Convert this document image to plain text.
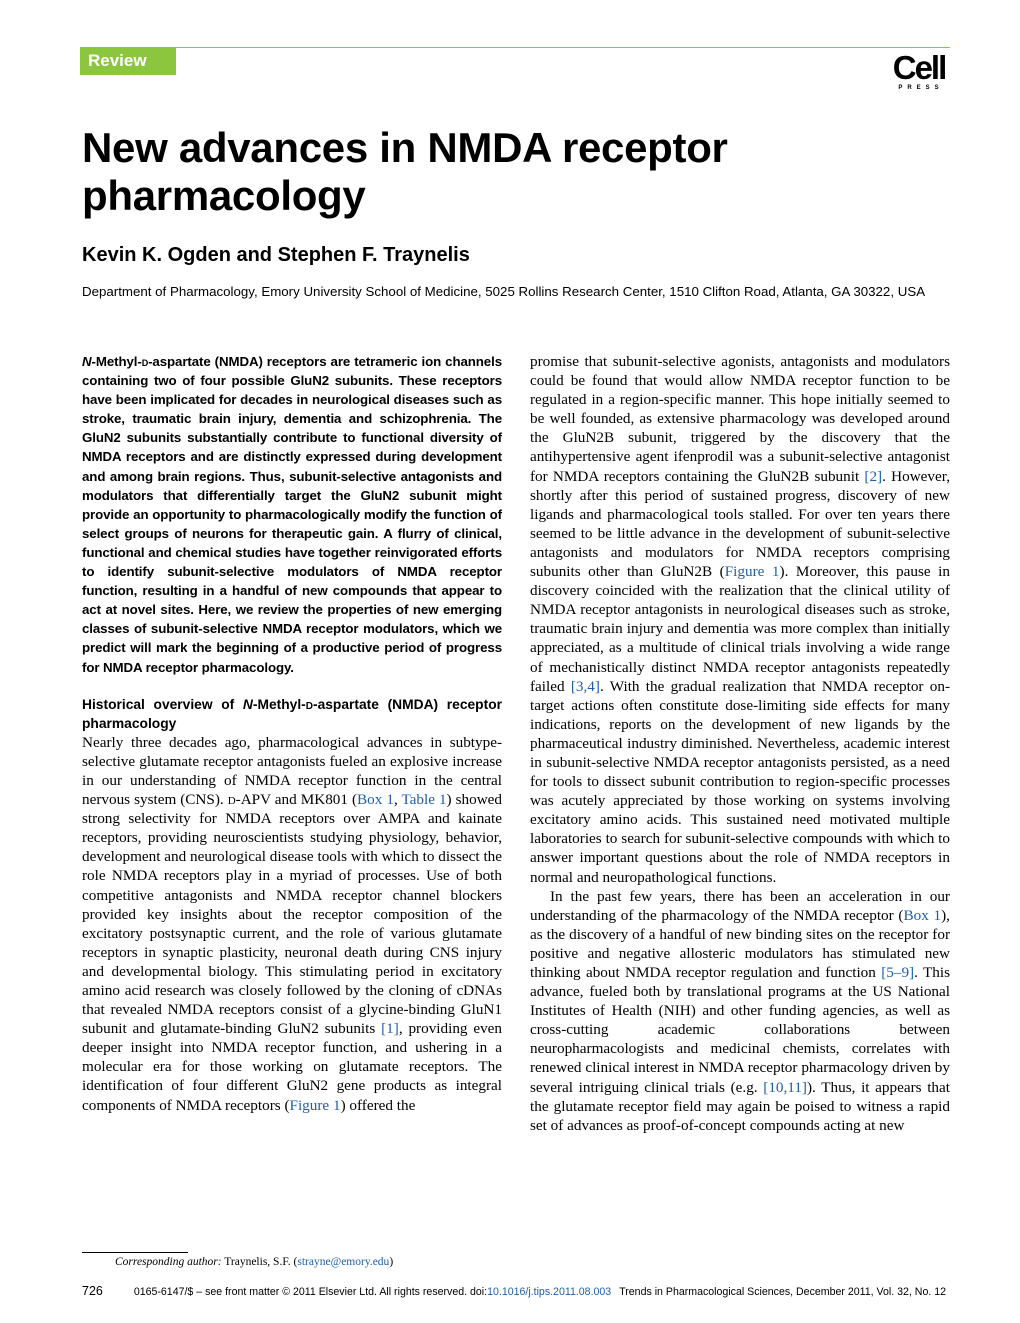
Review	Cell
PRESS
New advances in NMDA receptor pharmacology

Kevin K. Ogden and Stephen F. Traynelis

Department of Pharmacology, Emory University School of Medicine, 5025 Rollins Research Center, 1510 Clifton Road, Atlanta, GA 30322, USA

N-Methyl-d-aspartate (NMDA) receptors are tetrameric ion channels containing two of four possible GluN2 subunits. These receptors have been implicated for decades in neurological diseases such as stroke, traumatic brain injury, dementia and schizophrenia. The GluN2 subunits substantially contribute to functional diversity of NMDA receptors and are distinctly expressed during development and among brain regions. Thus, subunit-selective antagonists and modulators that differentially target the GluN2 subunit might provide an opportunity to pharmacologically modify the function of select groups of neurons for therapeutic gain. A flurry of clinical, functional and chemical studies have together reinvigorated efforts to identify subunit-selective modulators of NMDA receptor function, resulting in a handful of new compounds that appear to act at novel sites. Here, we review the properties of new emerging classes of subunit-selective NMDA receptor modulators, which we predict will mark the beginning of a productive period of progress for NMDA receptor pharmacology.

Historical overview of N-Methyl-d-aspartate (NMDA) receptor pharmacology

Nearly three decades ago, pharmacological advances in subtype-selective glutamate receptor antagonists fueled an explosive increase in our understanding of NMDA receptor function in the central nervous system (CNS). d-APV and MK801 (Box 1, Table 1) showed strong selectivity for NMDA receptors over AMPA and kainate receptors, providing neuroscientists studying physiology, behavior, development and neurological disease tools with which to dissect the role NMDA receptors play in a myriad of processes. Use of both competitive antagonists and NMDA receptor channel blockers provided key insights about the receptor composition of the excitatory postsynaptic current, and the role of various glutamate receptors in synaptic plasticity, neuronal death during CNS injury and developmental biology. This stimulating period in excitatory amino acid research was closely followed by the cloning of cDNAs that revealed NMDA receptors consist of a glycine-binding GluN1 subunit and glutamate-binding GluN2 subunits [1], providing even deeper insight into NMDA receptor function, and ushering in a molecular era for those working on glutamate receptors. The identification of four different GluN2 gene products as integral components of NMDA receptors (Figure 1) offered the

promise that subunit-selective agonists, antagonists and modulators could be found that would allow NMDA receptor function to be regulated in a region-specific manner. This hope initially seemed to be well founded, as extensive pharmacology was developed around the GluN2B subunit, triggered by the discovery that the antihypertensive agent ifenprodil was a subunit-selective antagonist for NMDA receptors containing the GluN2B subunit [2]. However, shortly after this period of sustained progress, discovery of new ligands and pharmacological tools stalled. For over ten years there seemed to be little advance in the development of subunit-selective antagonists and modulators for NMDA receptors comprising subunits other than GluN2B (Figure 1). Moreover, this pause in discovery coincided with the realization that the clinical utility of NMDA receptor antagonists in neurological diseases such as stroke, traumatic brain injury and dementia was more complex than initially appreciated, as a multitude of clinical trials involving a wide range of mechanistically distinct NMDA receptor antagonists repeatedly failed [3,4]. With the gradual realization that NMDA receptor on-target actions often constitute dose-limiting side effects for many indications, reports on the development of new ligands by the pharmaceutical industry diminished. Nevertheless, academic interest in subunit-selective NMDA receptor antagonists persisted, as a need for tools to dissect subunit contribution to region-specific processes was acutely appreciated by those working on systems involving excitatory amino acids. This sustained need motivated multiple laboratories to search for subunit-selective compounds with which to answer important questions about the role of NMDA receptors in normal and neuropathological functions.

In the past few years, there has been an acceleration in our understanding of the pharmacology of the NMDA receptor (Box 1), as the discovery of a handful of new binding sites on the receptor for positive and negative allosteric modulators has stimulated new thinking about NMDA receptor regulation and function [5–9]. This advance, fueled both by translational programs at the US National Institutes of Health (NIH) and other funding agencies, as well as cross-cutting academic collaborations between neuropharmacologists and medicinal chemists, correlates with renewed clinical interest in NMDA receptor pharmacology driven by several intriguing clinical trials (e.g. [10,11]). Thus, it appears that the glutamate receptor field may again be poised to witness a rapid set of advances as proof-of-concept compounds acting at new

Corresponding author: Traynelis, S.F. (strayne@emory.edu)
726	0165-6147/$ – see front matter © 2011 Elsevier Ltd. All rights reserved. doi:10.1016/j.tips.2011.08.003 Trends in Pharmacological Sciences, December 2011, Vol. 32, No. 12
